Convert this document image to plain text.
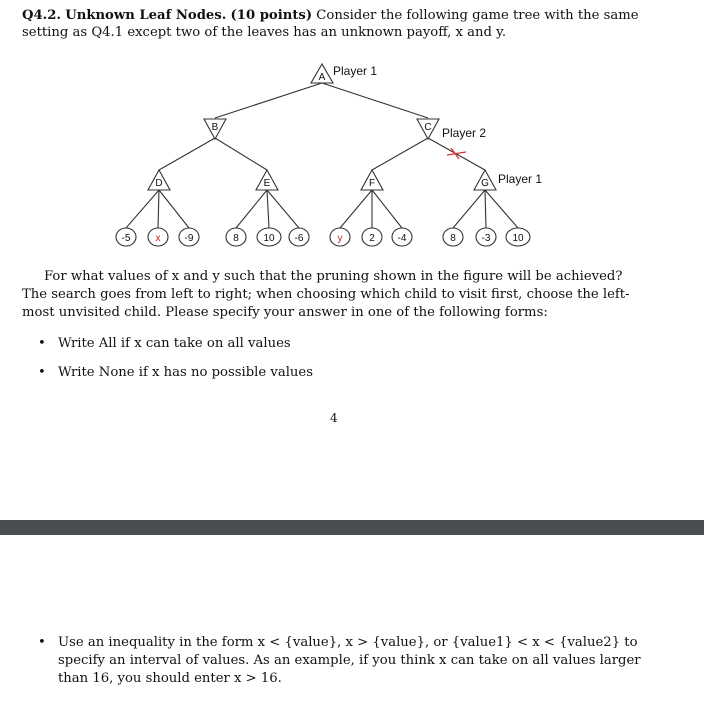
Q4.2. Unknown Leaf Nodes. (10 points) Consider the following game tree with the same setting as Q4.1 except two of the leaves has an unknown payoff, x and y.
A
B	C
D	E	F	G
Player 1
Player 2
Player 1
-5	x -9	8 10 -6	y	2 -4	8	-3 10
For what values of x and y such that the pruning shown in the figure will be achieved? The search goes from left to right; when choosing which child to visit first, choose the left-most unvisited child. Please specify your answer in one of the following forms:
• Write All if x can take on all values
• Write None if x has no possible values
4
• Use an inequality in the form x < {value}, x > {value}, or {value1} < x < {value2} to specify an interval of values. As an example, if you think x can take on all values larger than 16, you should enter x > 16.
